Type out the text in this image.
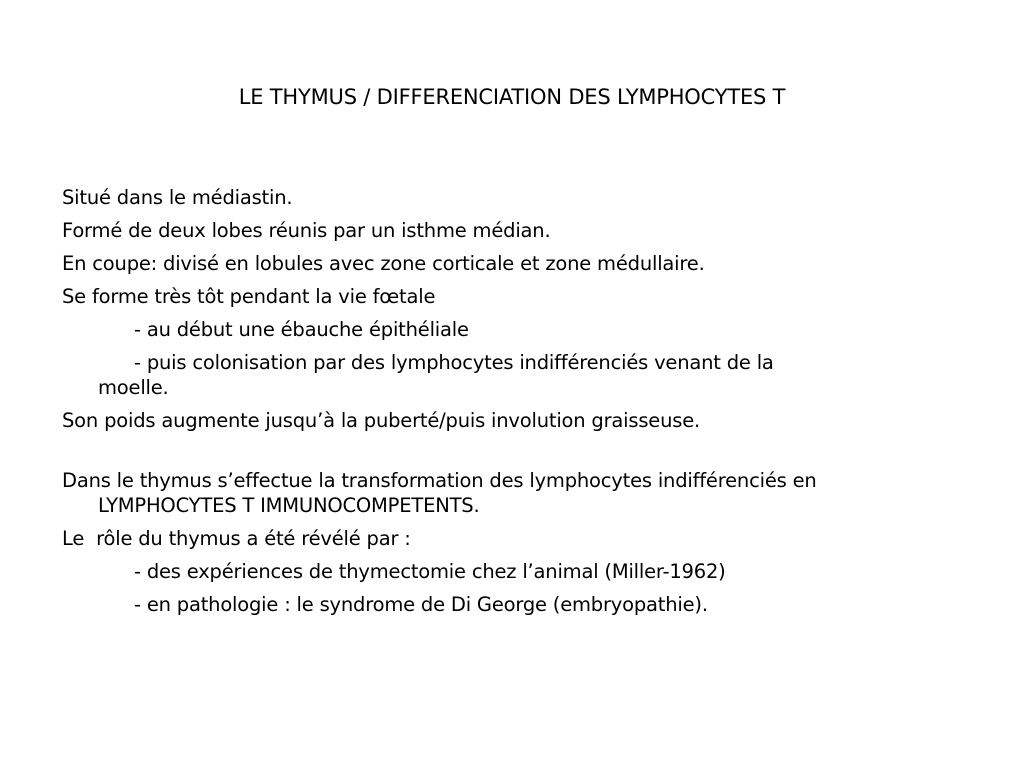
LE THYMUS / DIFFERENCIATION DES LYMPHOCYTES T
Situé dans le médiastin.
Formé de deux lobes réunis par un isthme médian.
En coupe: divisé en lobules avec zone corticale et zone médullaire.
Se forme très tôt pendant la vie fœtale
- au début une ébauche épithéliale
- puis colonisation par des lymphocytes indifférenciés venant de la
moelle.
Son poids augmente jusqu’à la puberté/puis involution graisseuse.
Dans le thymus s’effectue la transformation des lymphocytes indifférenciés en
LYMPHOCYTES T IMMUNOCOMPETENTS.
Le  rôle du thymus a été révélé par :
- des expériences de thymectomie chez l’animal (Miller-1962)
- en pathologie : le syndrome de Di George (embryopathie).
